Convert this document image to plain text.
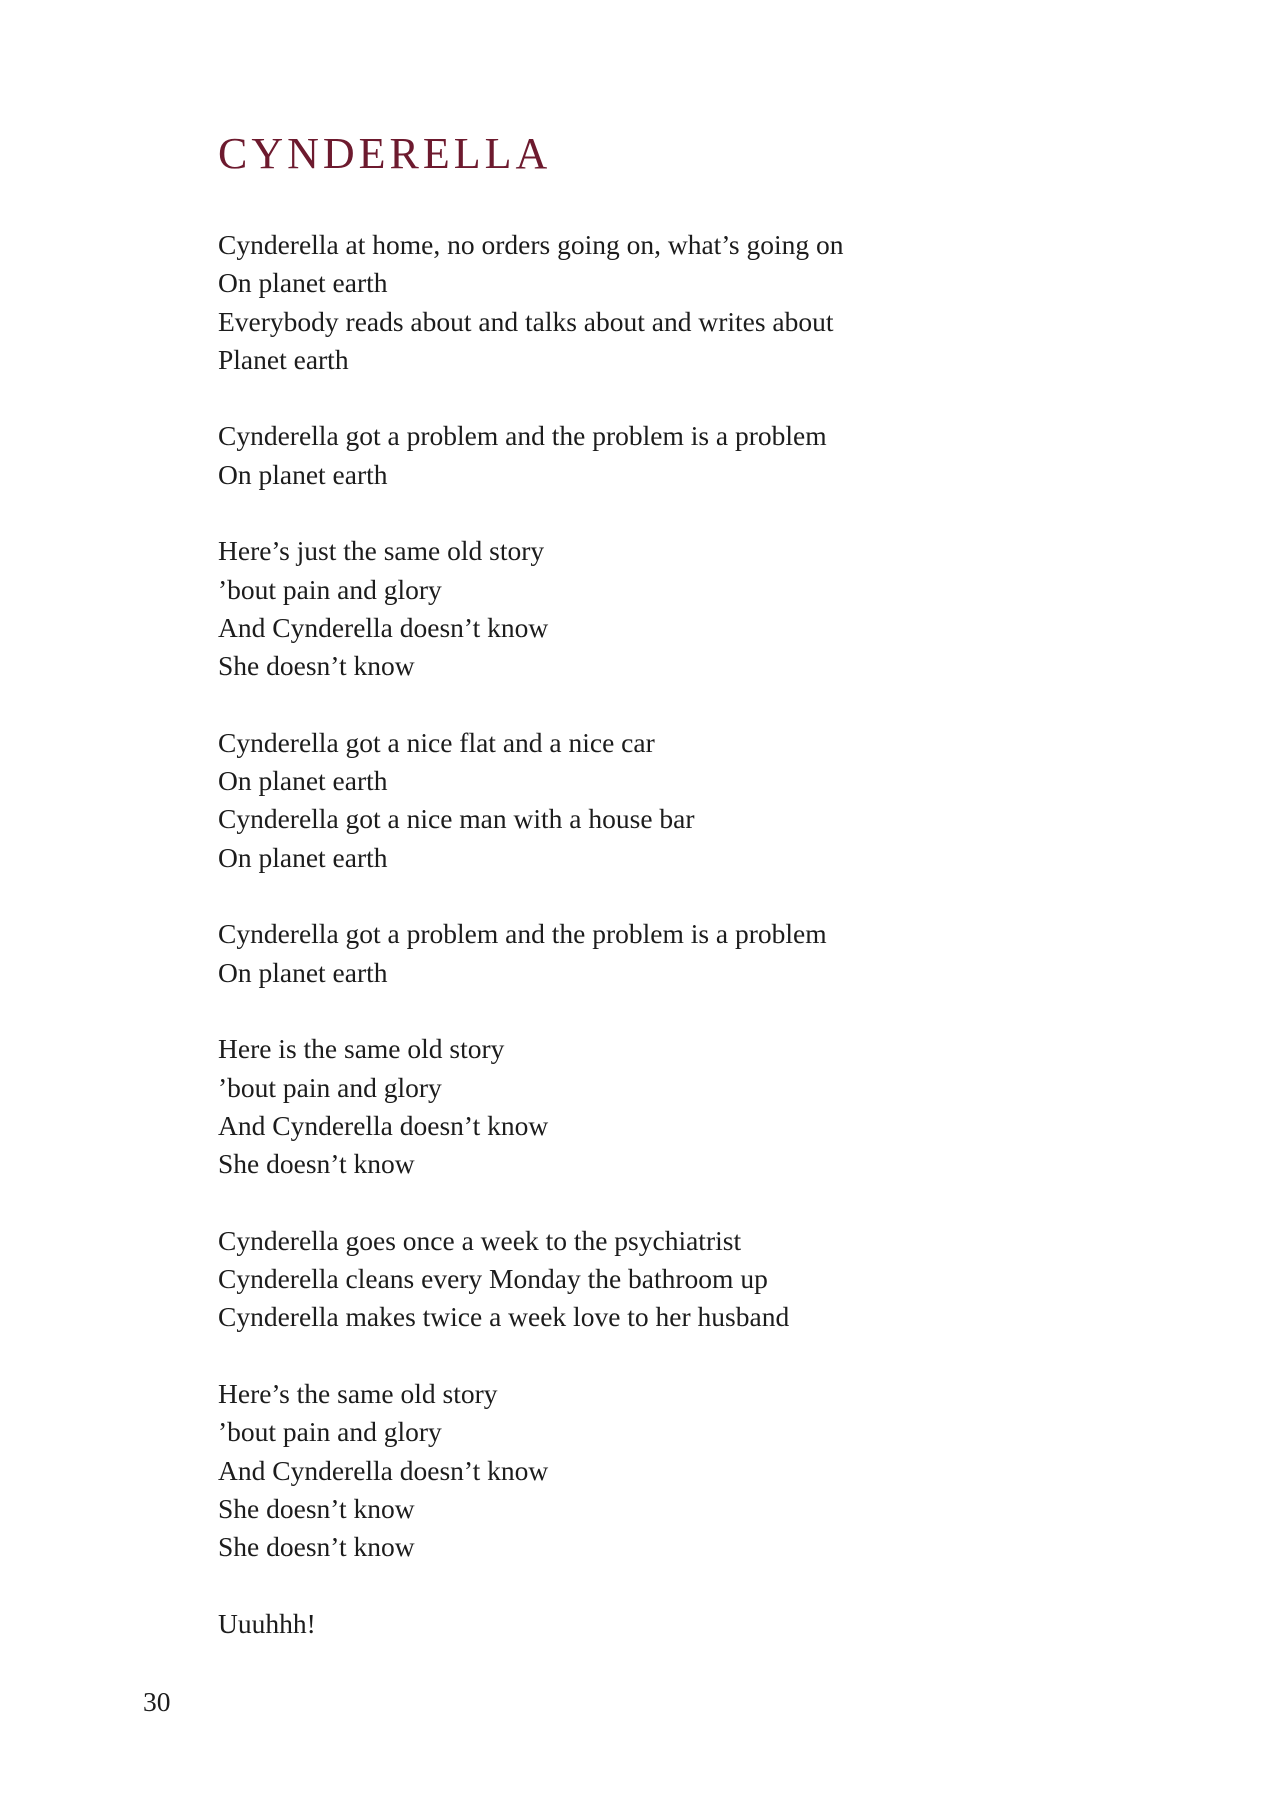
CYNDERELLA
Cynderella at home, no orders going on, what’s going on
On planet earth
Everybody reads about and talks about and writes about
Planet earth
Cynderella got a problem and the problem is a problem
On planet earth
Here’s just the same old story
’bout pain and glory
And Cynderella doesn’t know
She doesn’t know
Cynderella got a nice flat and a nice car
On planet earth
Cynderella got a nice man with a house bar
On planet earth
Cynderella got a problem and the problem is a problem
On planet earth
Here is the same old story
’bout pain and glory
And Cynderella doesn’t know
She doesn’t know
Cynderella goes once a week to the psychiatrist
Cynderella cleans every Monday the bathroom up
Cynderella makes twice a week love to her husband
Here’s the same old story
’bout pain and glory
And Cynderella doesn’t know
She doesn’t know
She doesn’t know
Uuuhhh!
30
